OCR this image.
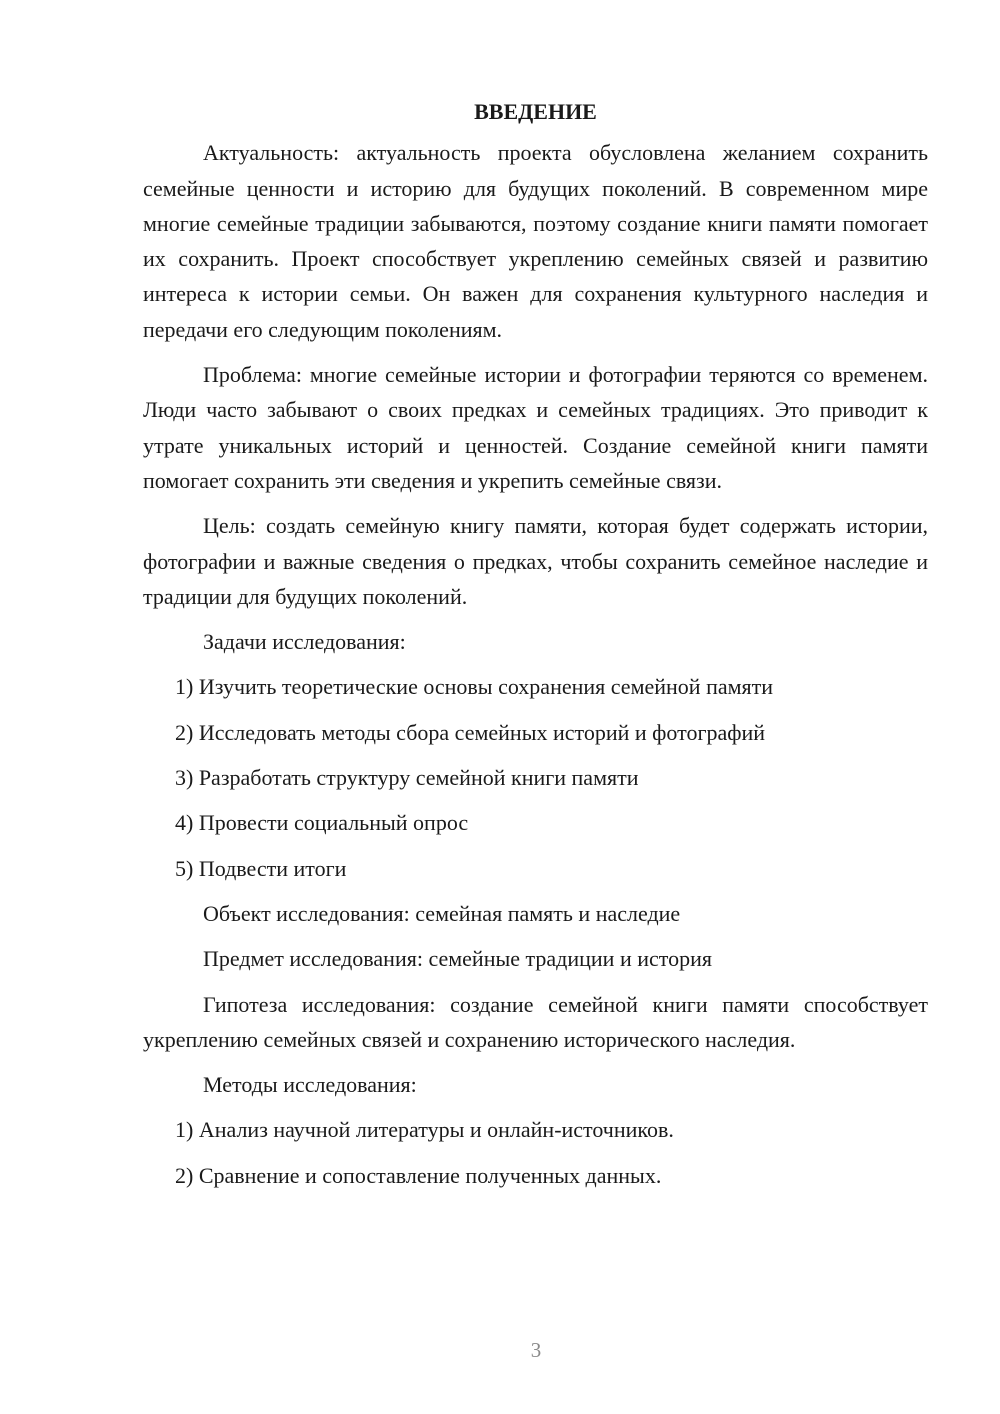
ВВЕДЕНИЕ

Актуальность: актуальность проекта обусловлена желанием сохранить семейные ценности и историю для будущих поколений. В современном мире многие семейные традиции забываются, поэтому создание книги памяти помогает их сохранить. Проект способствует укреплению семейных связей и развитию интереса к истории семьи. Он важен для сохранения культурного наследия и передачи его следующим поколениям.

Проблема: многие семейные истории и фотографии теряются со временем. Люди часто забывают о своих предках и семейных традициях. Это приводит к утрате уникальных историй и ценностей. Создание семейной книги памяти помогает сохранить эти сведения и укрепить семейные связи.

Цель: создать семейную книгу памяти, которая будет содержать истории, фотографии и важные сведения о предках, чтобы сохранить семейное наследие и традиции для будущих поколений.

Задачи исследования:

1) Изучить теоретические основы сохранения семейной памяти

2) Исследовать методы сбора семейных историй и фотографий

3) Разработать структуру семейной книги памяти

4) Провести социальный опрос

5) Подвести итоги

Объект исследования: семейная память и наследие

Предмет исследования: семейные традиции и история

Гипотеза исследования: создание семейной книги памяти способствует укреплению семейных связей и сохранению исторического наследия.

Методы исследования:

1) Анализ научной литературы и онлайн-источников.

2) Сравнение и сопоставление полученных данных.

3
